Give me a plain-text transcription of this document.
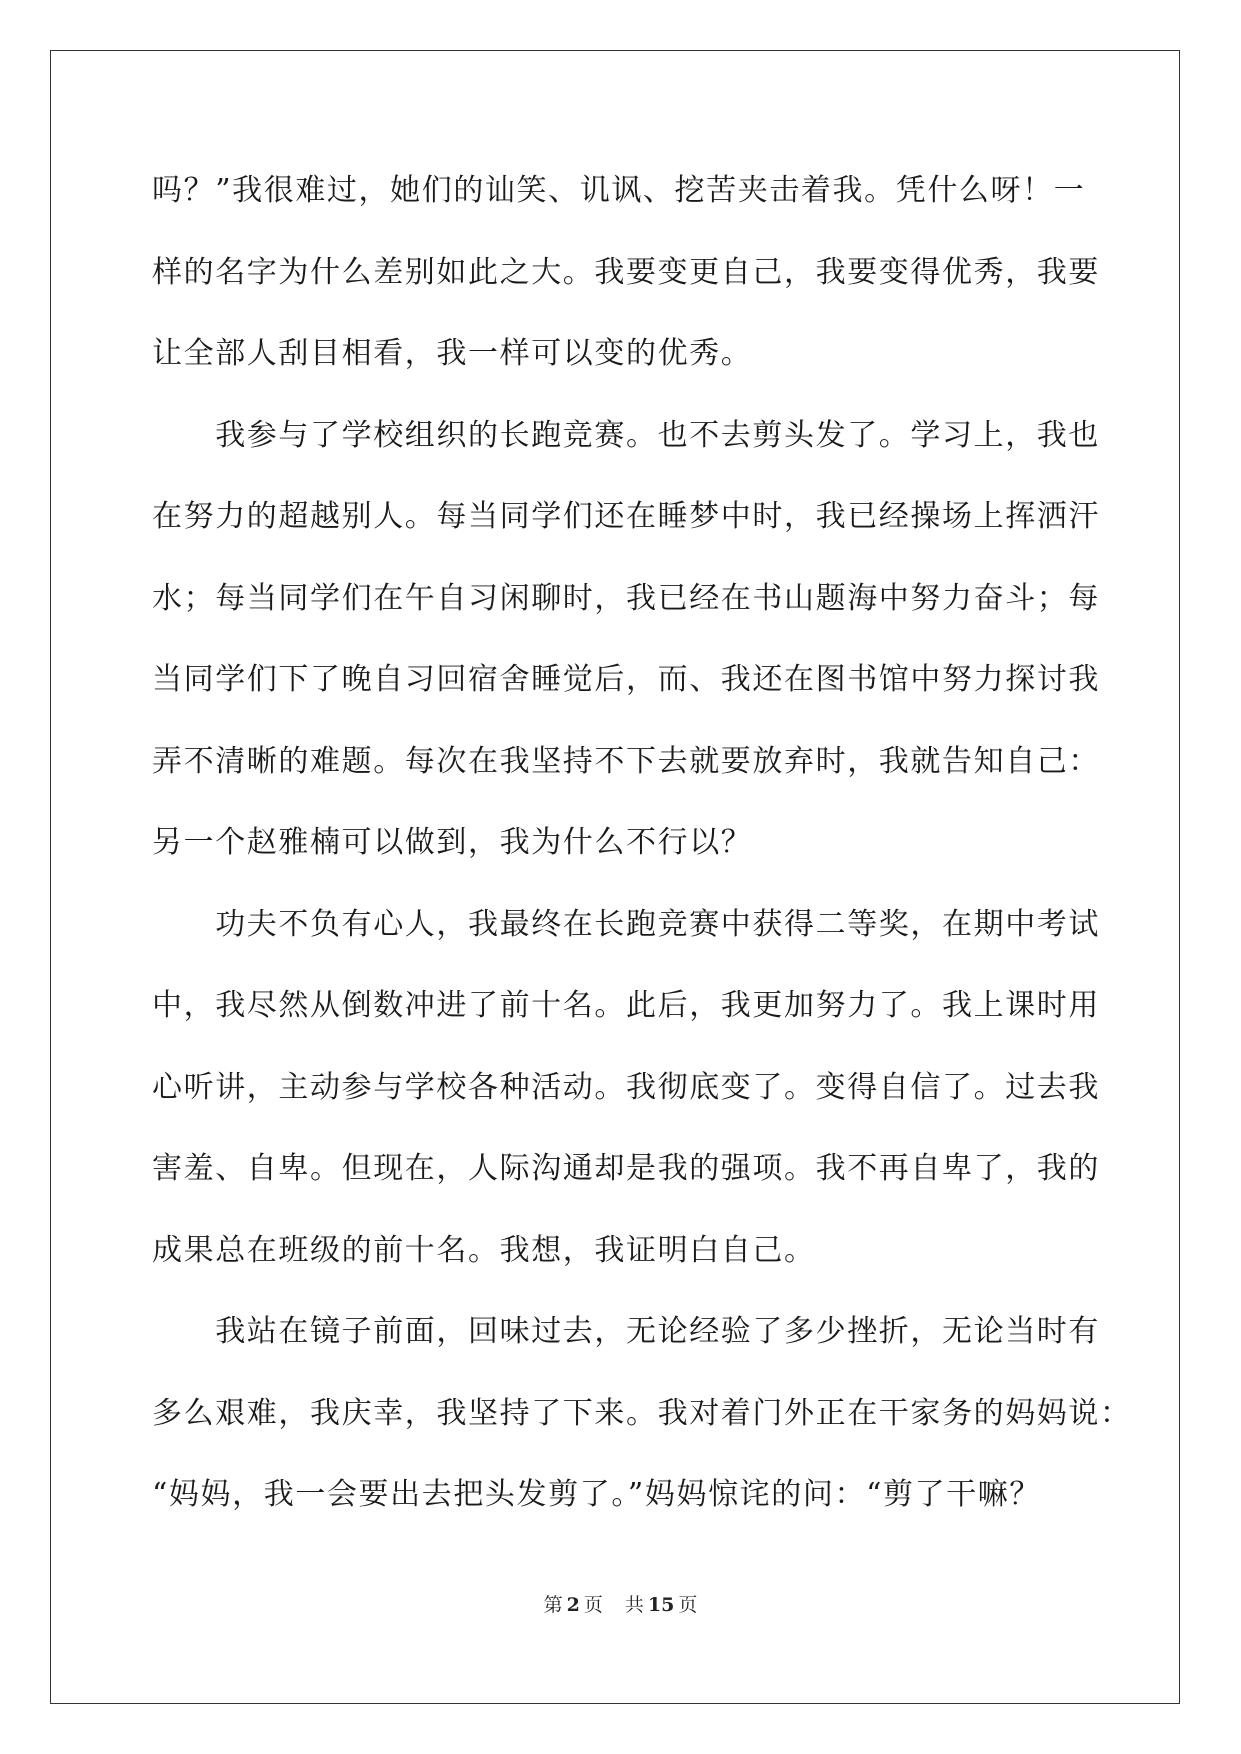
吗？”我很难过，她们的讪笑、讥讽、挖苦夹击着我。凭什么呀！一
样的名字为什么差别如此之大。我要变更自己，我要变得优秀，我要
让全部人刮目相看，我一样可以变的优秀。
　　我参与了学校组织的长跑竞赛。也不去剪头发了。学习上，我也
在努力的超越别人。每当同学们还在睡梦中时，我已经操场上挥洒汗
水；每当同学们在午自习闲聊时，我已经在书山题海中努力奋斗；每
当同学们下了晚自习回宿舍睡觉后，而、我还在图书馆中努力探讨我
弄不清晰的难题。每次在我坚持不下去就要放弃时，我就告知自己：
另一个赵雅楠可以做到，我为什么不行以？
　　功夫不负有心人，我最终在长跑竞赛中获得二等奖，在期中考试
中，我尽然从倒数冲进了前十名。此后，我更加努力了。我上课时用
心听讲，主动参与学校各种活动。我彻底变了。变得自信了。过去我
害羞、自卑。但现在，人际沟通却是我的强项。我不再自卑了，我的
成果总在班级的前十名。我想，我证明白自己。
　　我站在镜子前面，回味过去，无论经验了多少挫折，无论当时有
多么艰难，我庆幸，我坚持了下来。我对着门外正在干家务的妈妈说：
“妈妈，我一会要出去把头发剪了。”妈妈惊诧的问：“剪了干嘛？
第 2 页 共 15 页
